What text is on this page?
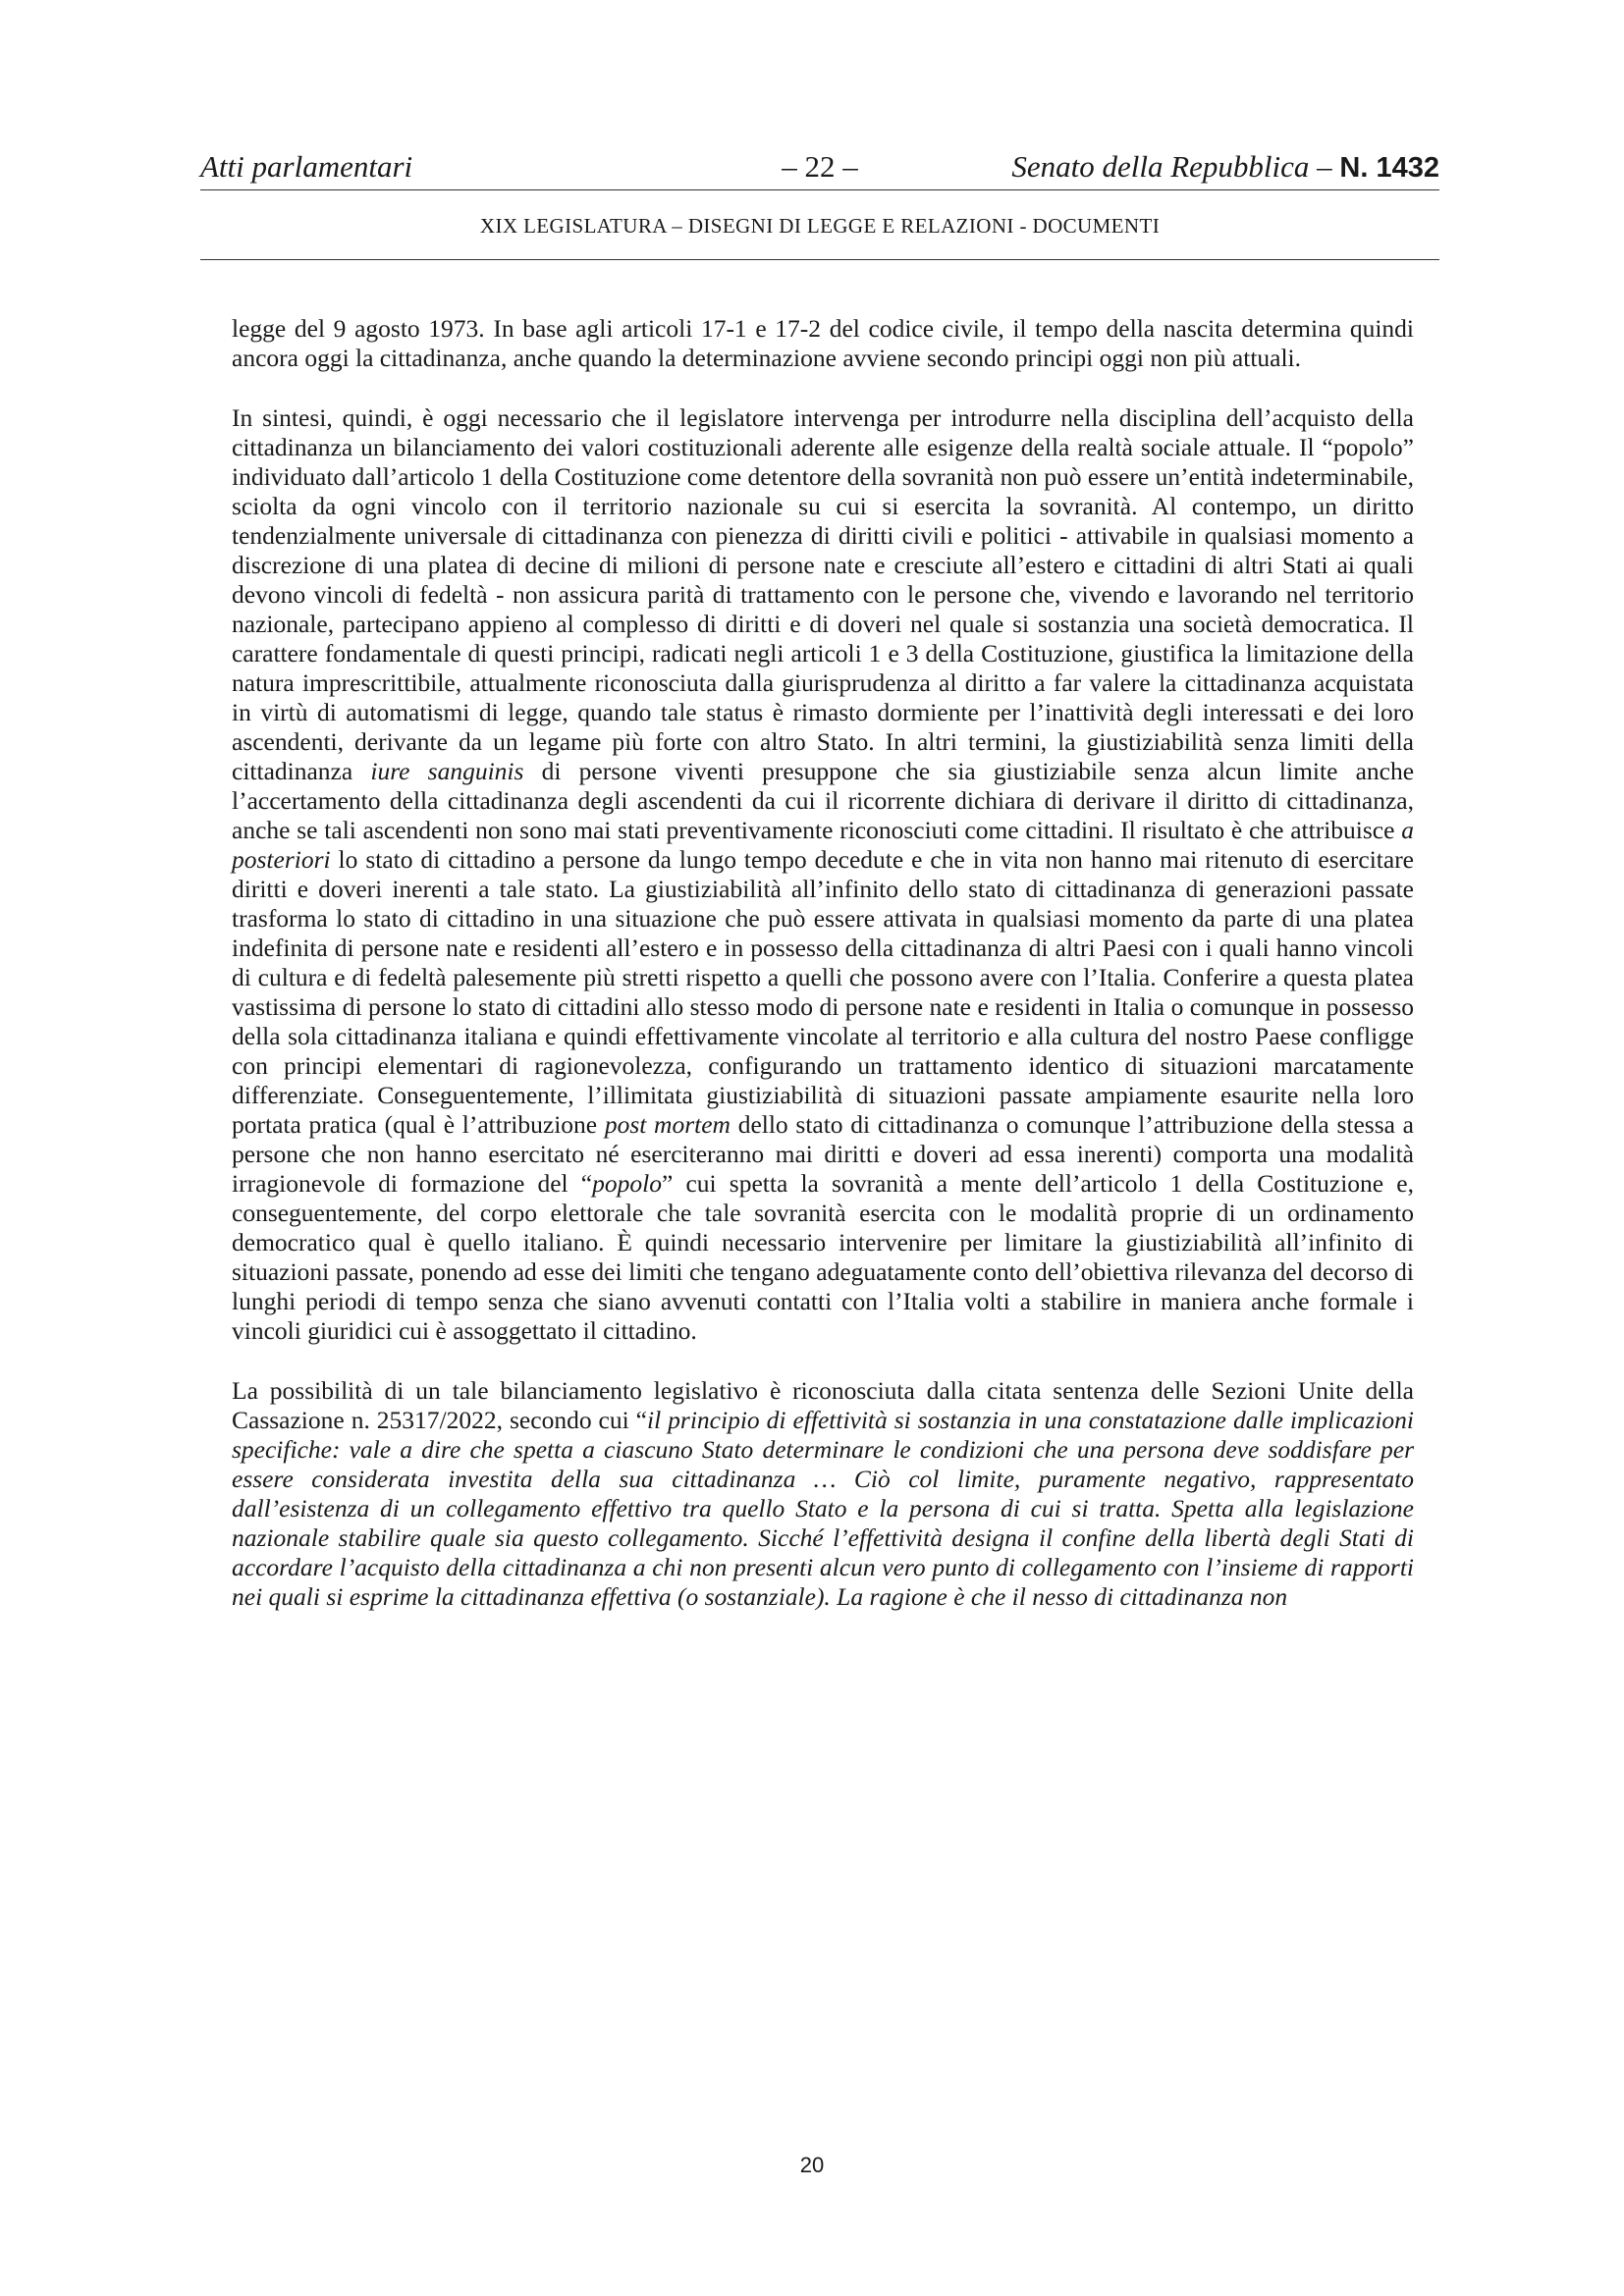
Atti parlamentari	– 22 –	Senato della Repubblica – N. 1432
XIX LEGISLATURA – DISEGNI DI LEGGE E RELAZIONI - DOCUMENTI

legge del 9 agosto 1973. In base agli articoli 17-1 e 17-2 del codice civile, il tempo della nascita determina quindi ancora oggi la cittadinanza, anche quando la determinazione avviene secondo principi oggi non più attuali.

In sintesi, quindi, è oggi necessario che il legislatore intervenga per introdurre nella disciplina dell’acquisto della cittadinanza un bilanciamento dei valori costituzionali aderente alle esigenze della realtà sociale attuale. Il “popolo” individuato dall’articolo 1 della Costituzione come detentore della sovranità non può essere un’entità indeterminabile, sciolta da ogni vincolo con il territorio nazionale su cui si esercita la sovranità. Al contempo, un diritto tendenzialmente universale di cittadinanza con pienezza di diritti civili e politici - attivabile in qualsiasi momento a discrezione di una platea di decine di milioni di persone nate e cresciute all’estero e cittadini di altri Stati ai quali devono vincoli di fedeltà - non assicura parità di trattamento con le persone che, vivendo e lavorando nel territorio nazionale, partecipano appieno al complesso di diritti e di doveri nel quale si sostanzia una società democratica. Il carattere fondamentale di questi principi, radicati negli articoli 1 e 3 della Costituzione, giustifica la limitazione della natura imprescrittibile, attualmente riconosciuta dalla giurisprudenza al diritto a far valere la cittadinanza acquistata in virtù di automatismi di legge, quando tale status è rimasto dormiente per l’inattività degli interessati e dei loro ascendenti, derivante da un legame più forte con altro Stato. In altri termini, la giustiziabilità senza limiti della cittadinanza iure sanguinis di persone viventi presuppone che sia giustiziabile senza alcun limite anche l’accertamento della cittadinanza degli ascendenti da cui il ricorrente dichiara di derivare il diritto di cittadinanza, anche se tali ascendenti non sono mai stati preventivamente riconosciuti come cittadini. Il risultato è che attribuisce a posteriori lo stato di cittadino a persone da lungo tempo decedute e che in vita non hanno mai ritenuto di esercitare diritti e doveri inerenti a tale stato. La giustiziabilità all’infinito dello stato di cittadinanza di generazioni passate trasforma lo stato di cittadino in una situazione che può essere attivata in qualsiasi momento da parte di una platea indefinita di persone nate e residenti all’estero e in possesso della cittadinanza di altri Paesi con i quali hanno vincoli di cultura e di fedeltà palesemente più stretti rispetto a quelli che possono avere con l’Italia. Conferire a questa platea vastissima di persone lo stato di cittadini allo stesso modo di persone nate e residenti in Italia o comunque in possesso della sola cittadinanza italiana e quindi effettivamente vincolate al territorio e alla cultura del nostro Paese confligge con principi elementari di ragionevolezza, configurando un trattamento identico di situazioni marcatamente differenziate. Conseguentemente, l’illimitata giustiziabilità di situazioni passate ampiamente esaurite nella loro portata pratica (qual è l’attribuzione post mortem dello stato di cittadinanza o comunque l’attribuzione della stessa a persone che non hanno esercitato né eserciteranno mai diritti e doveri ad essa inerenti) comporta una modalità irragionevole di formazione del “popolo” cui spetta la sovranità a mente dell’articolo 1 della Costituzione e, conseguentemente, del corpo elettorale che tale sovranità esercita con le modalità proprie di un ordinamento democratico qual è quello italiano. È quindi necessario intervenire per limitare la giustiziabilità all’infinito di situazioni passate, ponendo ad esse dei limiti che tengano adeguatamente conto dell’obiettiva rilevanza del decorso di lunghi periodi di tempo senza che siano avvenuti contatti con l’Italia volti a stabilire in maniera anche formale i vincoli giuridici cui è assoggettato il cittadino.

La possibilità di un tale bilanciamento legislativo è riconosciuta dalla citata sentenza delle Sezioni Unite della Cassazione n. 25317/2022, secondo cui “il principio di effettività si sostanzia in una constatazione dalle implicazioni specifiche: vale a dire che spetta a ciascuno Stato determinare le condizioni che una persona deve soddisfare per essere considerata investita della sua cittadinanza … Ciò col limite, puramente negativo, rappresentato dall’esistenza di un collegamento effettivo tra quello Stato e la persona di cui si tratta. Spetta alla legislazione nazionale stabilire quale sia questo collegamento. Sicché l’effettività designa il confine della libertà degli Stati di accordare l’acquisto della cittadinanza a chi non presenti alcun vero punto di collegamento con l’insieme di rapporti nei quali si esprime la cittadinanza effettiva (o sostanziale). La ragione è che il nesso di cittadinanza non

20
